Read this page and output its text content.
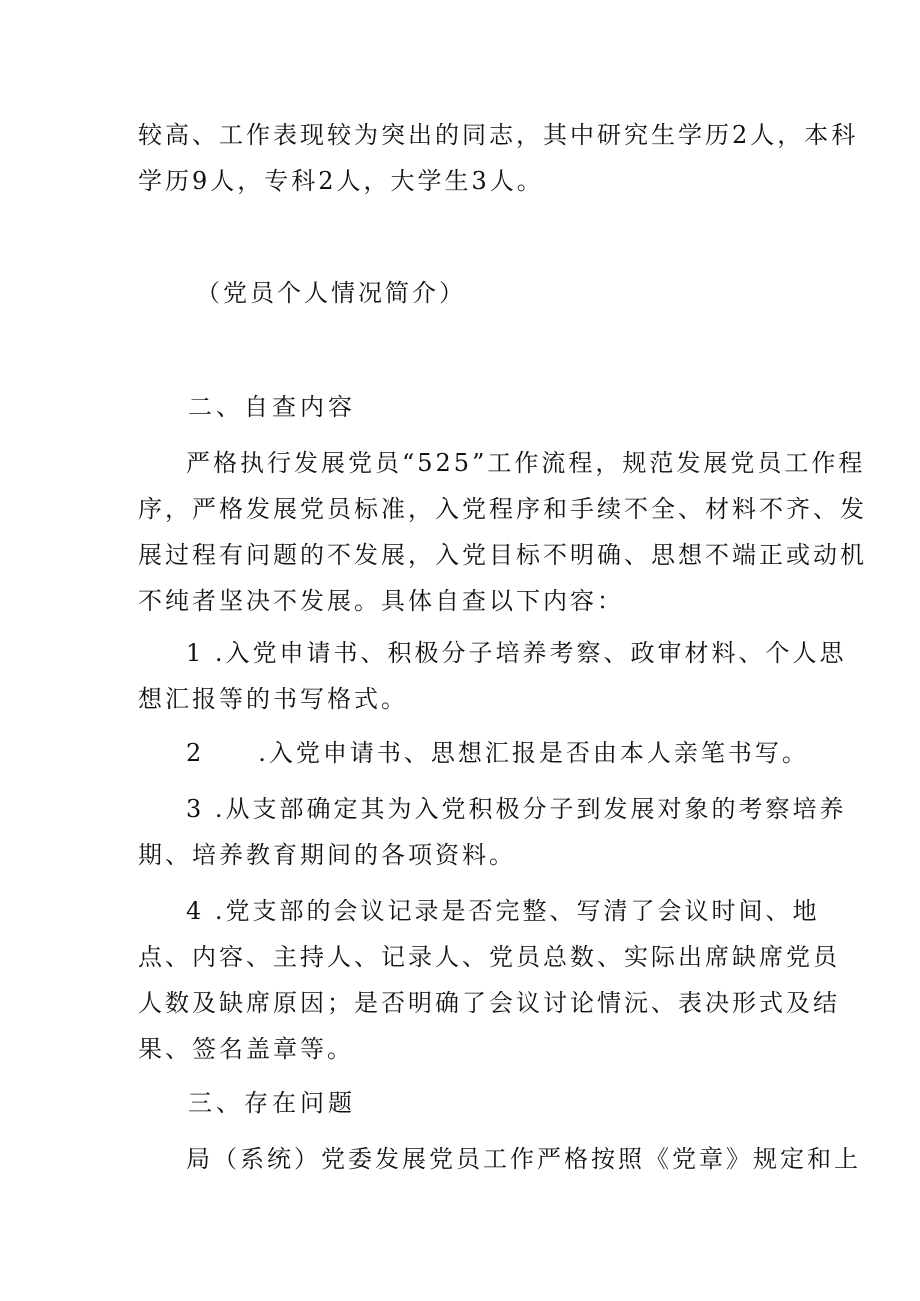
较高、工作表现较为突出的同志，其中研究生学历2人，本科
学历9人，专科2人，大学生3人。
（党员个人情况简介）
二、自查内容
严格执行发展党员“525”工作流程，规范发展党员工作程
序，严格发展党员标准，入党程序和手续不全、材料不齐、发
展过程有问题的不发展，入党目标不明确、思想不端正或动机
不纯者坚决不发展。具体自查以下内容：
1 .入党申请书、积极分子培养考察、政审材料、个人思
想汇报等的书写格式。
2　　.入党申请书、思想汇报是否由本人亲笔书写。
3 .从支部确定其为入党积极分子到发展对象的考察培养
期、培养教育期间的各项资料。
4 .党支部的会议记录是否完整、写清了会议时间、地
点、内容、主持人、记录人、党员总数、实际出席缺席党员
人数及缺席原因；是否明确了会议讨论情沅、表决形式及结
果、签名盖章等。
三、存在问题
局（系统）党委发展党员工作严格按照《党章》规定和上
